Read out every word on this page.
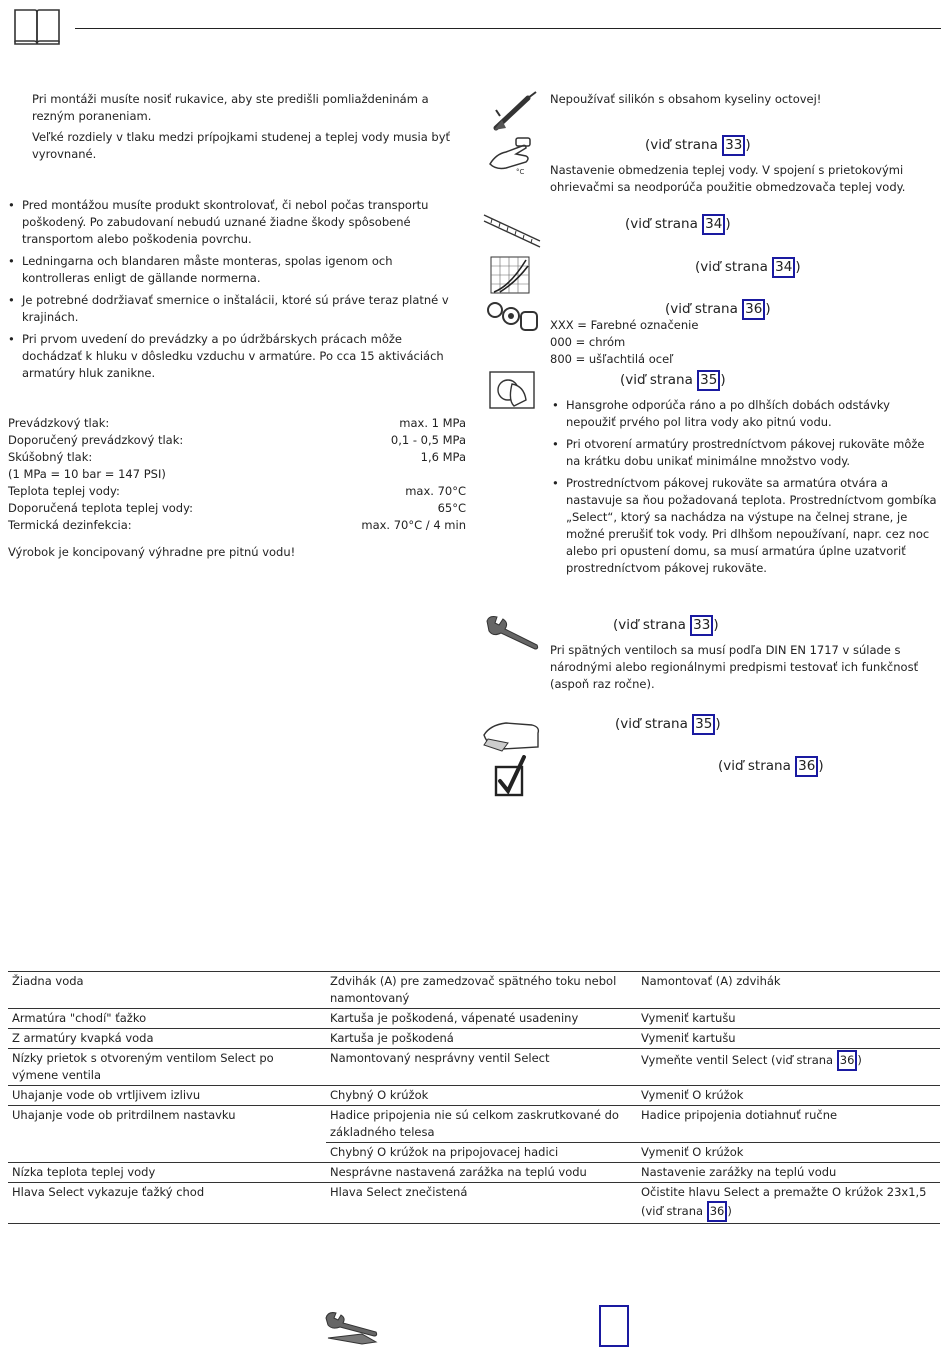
Pri montáži musíte nosiť rukavice, aby ste predišli pomliaždeninám a rezným poraneniam.
Veľké rozdiely v tlaku medzi prípojkami studenej a teplej vody musia byť vyrovnané.
• Pred montážou musíte produkt skontrolovať, či nebol počas transportu poškodený. Po zabudovaní nebudú uznané žiadne škody spôsobené transportom alebo poškodenia povrchu.
• Ledningarna och blandaren måste monteras, spolas igenom och kontrolleras enligt de gällande normerna.
• Je potrebné dodržiavať smernice o inštalácii, ktoré sú práve teraz platné v krajinách.
• Pri prvom uvedení do prevádzky a po údržbárskych prácach môže dochádzať k hluku v dôsledku vzduchu v armatúre. Po cca 15 aktiváciách armatúry hluk zanikne.
Prevádzkový tlak:	max. 1 MPa
Doporučený prevádzkový tlak:	0,1 - 0,5 MPa
Skúšobný tlak:	1,6 MPa
(1 MPa = 10 bar = 147 PSI)
Teplota teplej vody:	max. 70°C
Doporučená teplota teplej vody:	65°C
Termická dezinfekcia:	max. 70°C / 4 min
Výrobok je koncipovaný výhradne pre pitnú vodu!
°C
Nepoužívať silikón s obsahom kyseliny octovej!
(viď strana 33 )
Nastavenie obmedzenia teplej vody. V spojení s prietokovými ohrievačmi sa neodporúča použitie obmedzovača teplej vody.
(viď strana 34 )
(viď strana 34 )
(viď strana 36 )
XXX = Farebné označenie
000 = chróm
800 = ušľachtilá oceľ
(viď strana 35 )
• Hansgrohe odporúča ráno a po dlhších dobách odstávky nepoužiť prvého pol litra vody ako pitnú vodu.
• Pri otvorení armatúry prostredníctvom pákovej rukoväte môže na krátku dobu unikať minimálne množstvo vody.
• Prostredníctvom pákovej rukoväte sa armatúra otvára a nastavuje sa ňou požadovaná teplota. Prostredníctvom gombíka „Select“, ktorý sa nachádza na výstupe na čelnej strane, je možné prerušiť tok vody. Pri dlhšom nepoužívaní, napr. cez noc alebo pri opustení domu, sa musí armatúra úplne uzatvoriť prostredníctvom pákovej rukoväte.
(viď strana 33 )
Pri spätných ventiloch sa musí podľa DIN EN 1717 v súlade s národnými alebo regionálnymi predpismi testovať ich funkčnosť (aspoň raz ročne).
(viď strana 35 )
(viď strana 36 )
Žiadna voda	Zdvihák (A) pre zamedzovač spätného toku nebol namontovaný	Namontovať (A) zdvihák
Armatúra "chodí" ťažko	Kartuša je poškodená, vápenaté usadeniny	Vymeniť kartušu
Z armatúry kvapká voda	Kartuša je poškodená	Vymeniť kartušu
Nízky prietok s otvoreným ventilom Select po výmene ventila	Namontovaný nesprávny ventil Select	Vymeňte ventil Select (viď strana 36 )
Uhajanje vode ob vrtljivem izlivu	Chybný O krúžok	Vymeniť O krúžok
Uhajanje vode ob pritrdilnem nastavku	Hadice pripojenia nie sú celkom zaskrutkované do základného telesa	Hadice pripojenia dotiahnuť ručne
	Chybný O krúžok na pripojovacej hadici	Vymeniť O krúžok
Nízka teplota teplej vody	Nesprávne nastavená zarážka na teplú vodu	Nastavenie zarážky na teplú vodu
Hlava Select vykazuje ťažký chod	Hlava Select znečistená	Očistite hlavu Select a premažte O krúžok 23x1,5
(viď strana 36 )
